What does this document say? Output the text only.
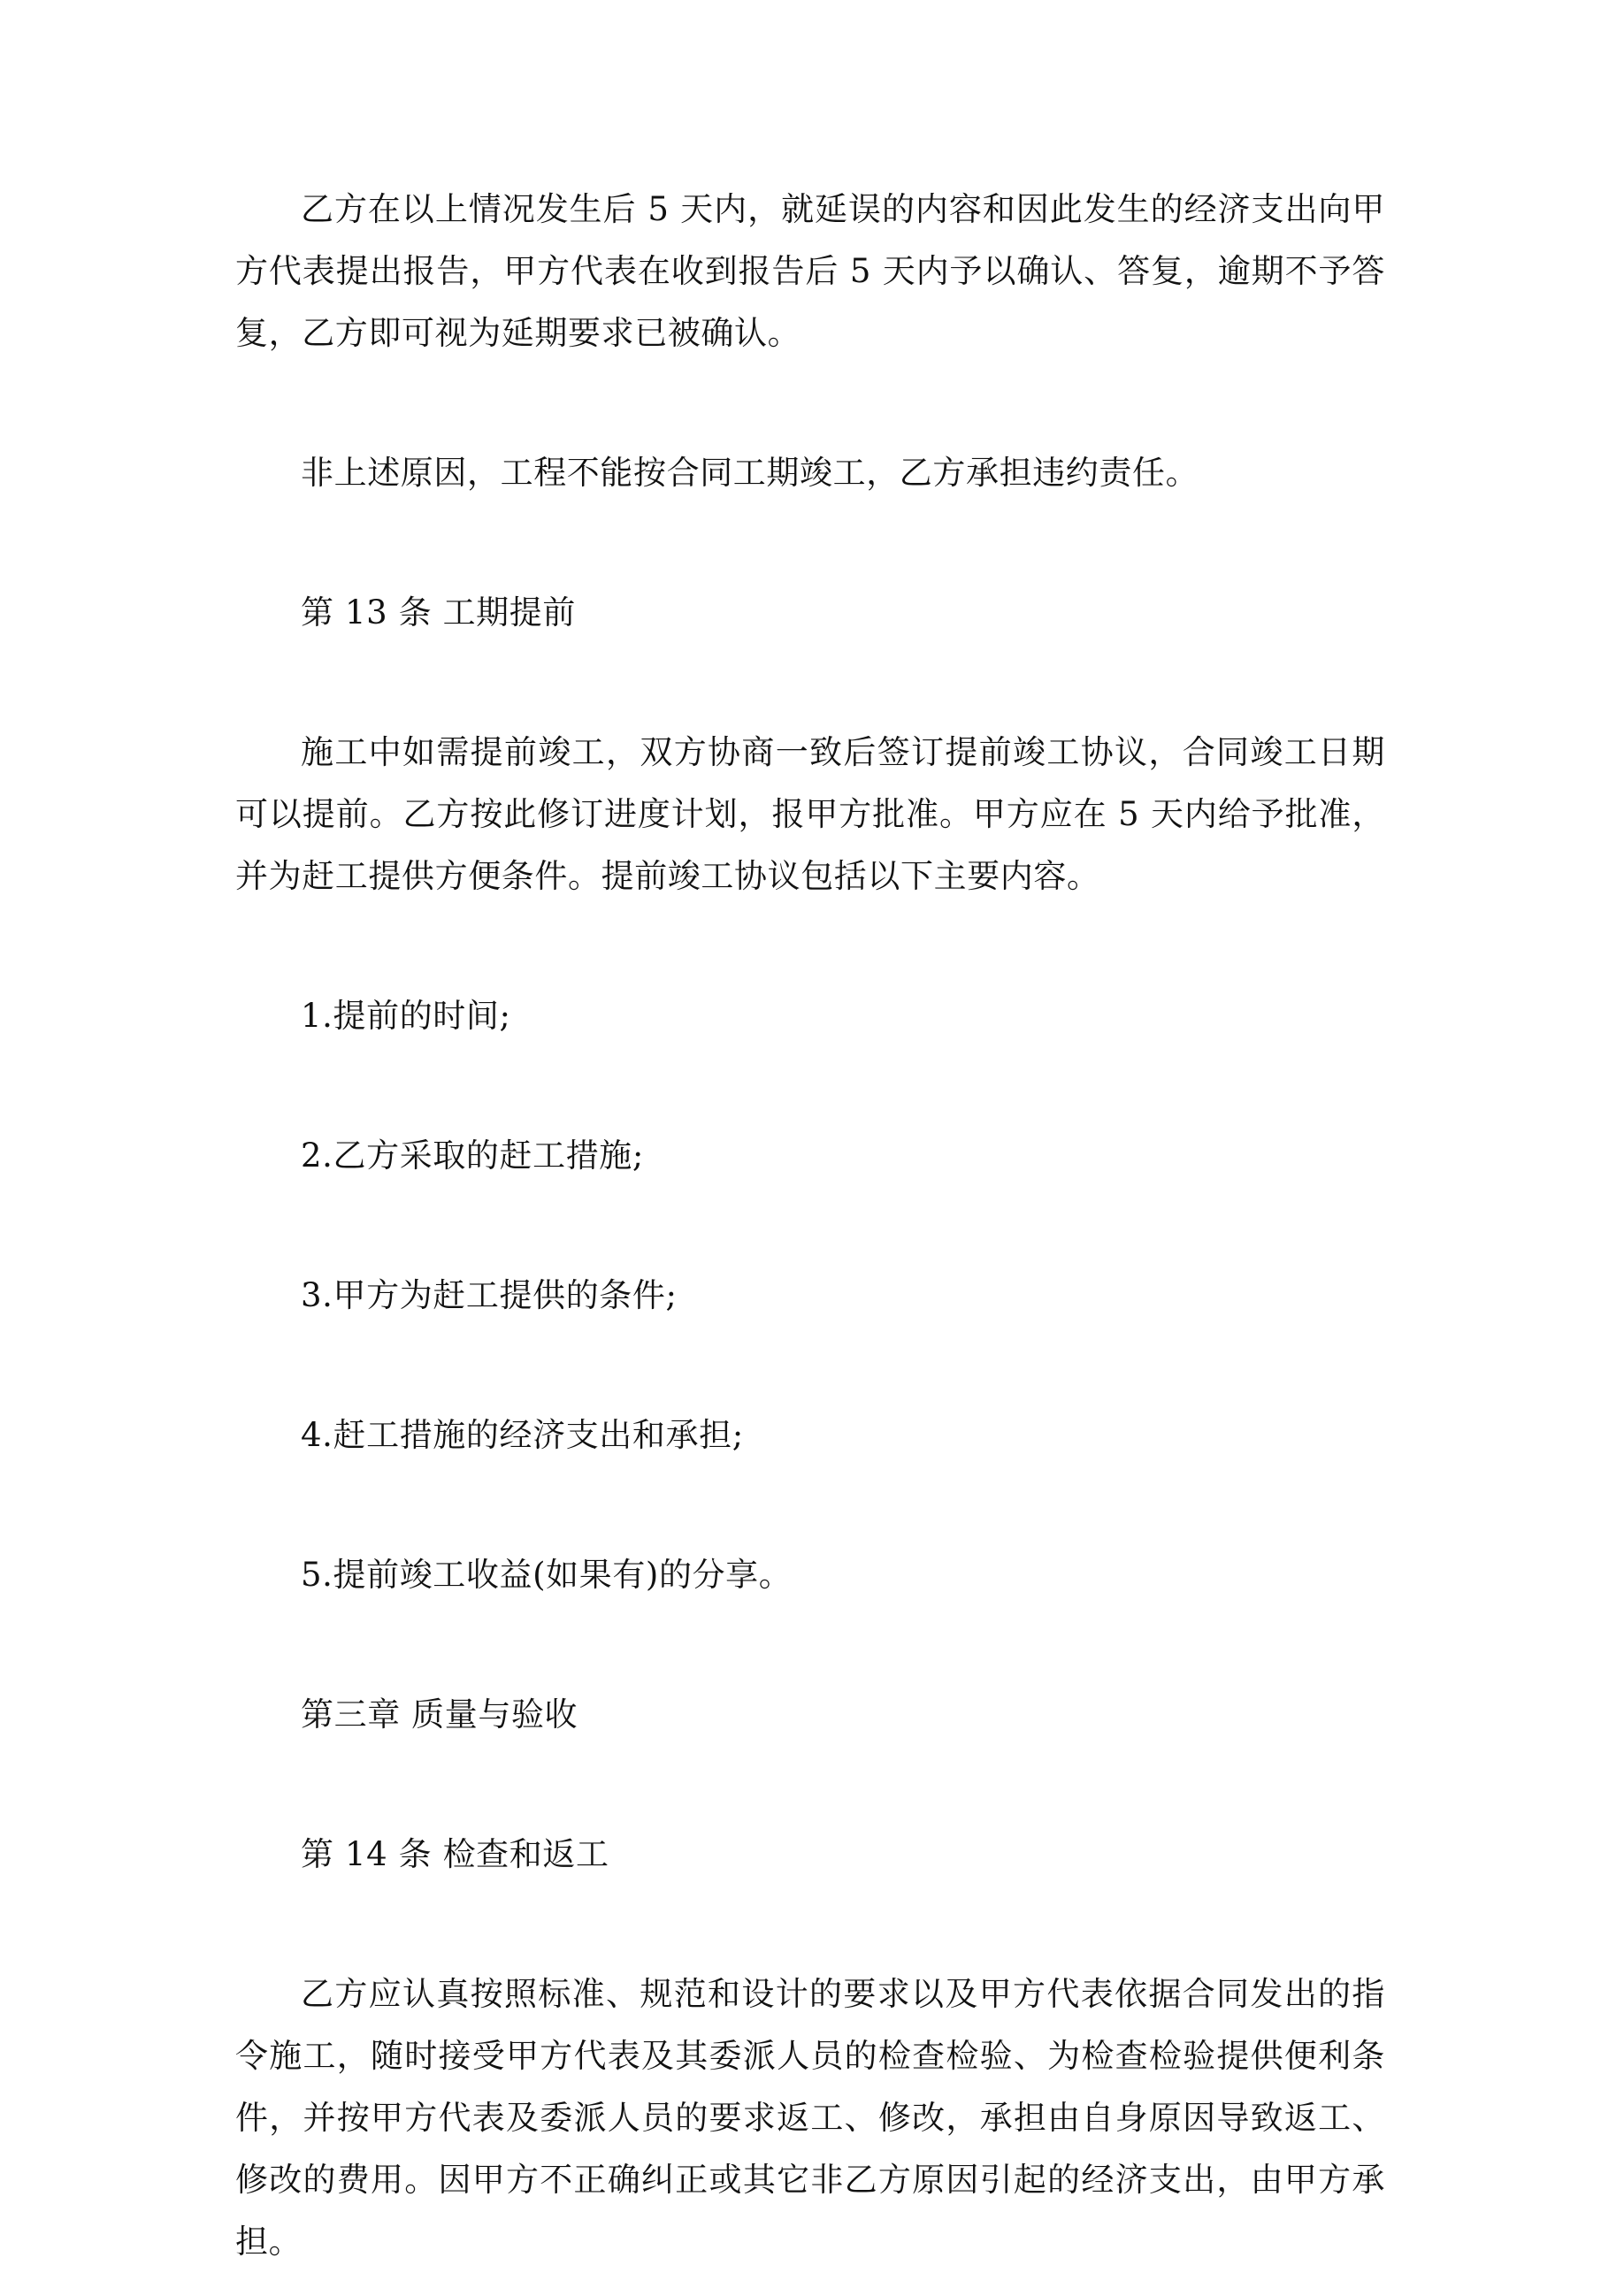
乙方在以上情况发生后 5 天内，就延误的内容和因此发生的经济支出向甲方代表提出报告，甲方代表在收到报告后 5 天内予以确认、答复，逾期不予答复，乙方即可视为延期要求已被确认。

非上述原因，工程不能按合同工期竣工，乙方承担违约责任。

第 13 条 工期提前

施工中如需提前竣工，双方协商一致后签订提前竣工协议，合同竣工日期可以提前。乙方按此修订进度计划，报甲方批准。甲方应在 5 天内给予批准，并为赶工提供方便条件。提前竣工协议包括以下主要内容。

1.提前的时间;

2.乙方采取的赶工措施;

3.甲方为赶工提供的条件;

4.赶工措施的经济支出和承担;

5.提前竣工收益(如果有)的分享。

第三章 质量与验收

第 14 条 检查和返工

乙方应认真按照标准、规范和设计的要求以及甲方代表依据合同发出的指令施工，随时接受甲方代表及其委派人员的检查检验、为检查检验提供便利条件，并按甲方代表及委派人员的要求返工、修改，承担由自身原因导致返工、修改的费用。因甲方不正确纠正或其它非乙方原因引起的经济支出，由甲方承担。
